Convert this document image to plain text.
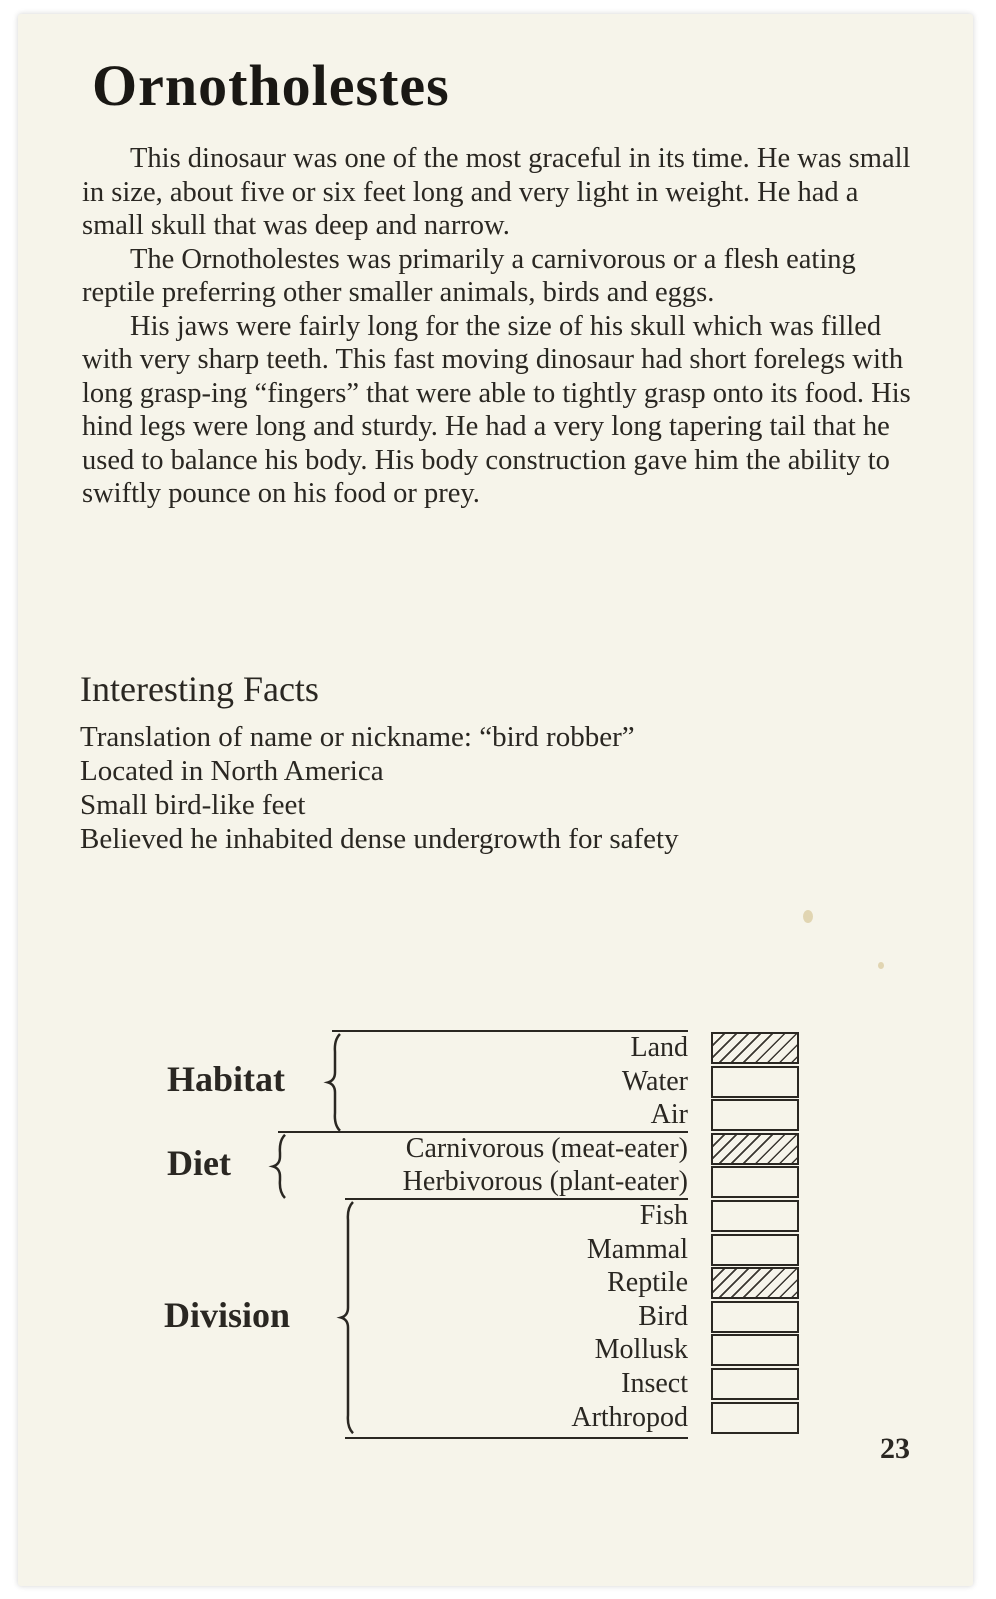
Ornotholestes

This dinosaur was one of the most graceful in its time. He was small in size, about five or six feet long and very light in weight. He had a small skull that was deep and narrow.

The Ornotholestes was primarily a carnivorous or a flesh eating reptile preferring other smaller animals, birds and eggs.

His jaws were fairly long for the size of his skull which was filled with very sharp teeth. This fast moving dinosaur had short forelegs with long grasp-ing “fingers” that were able to tightly grasp onto its food. His hind legs were long and sturdy. He had a very long tapering tail that he used to balance his body. His body construction gave him the ability to swiftly pounce on his food or prey.

Interesting Facts
Translation of name or nickname: “bird robber”
Located in North America
Small bird-like feet
Believed he inhabited dense undergrowth for safety
Land
Water
Air
Habitat
Carnivorous (meat-eater)
Herbivorous (plant-eater)
Diet
Fish
Mammal
Reptile
Bird
Mollusk
Insect
Arthropod
Division
23
